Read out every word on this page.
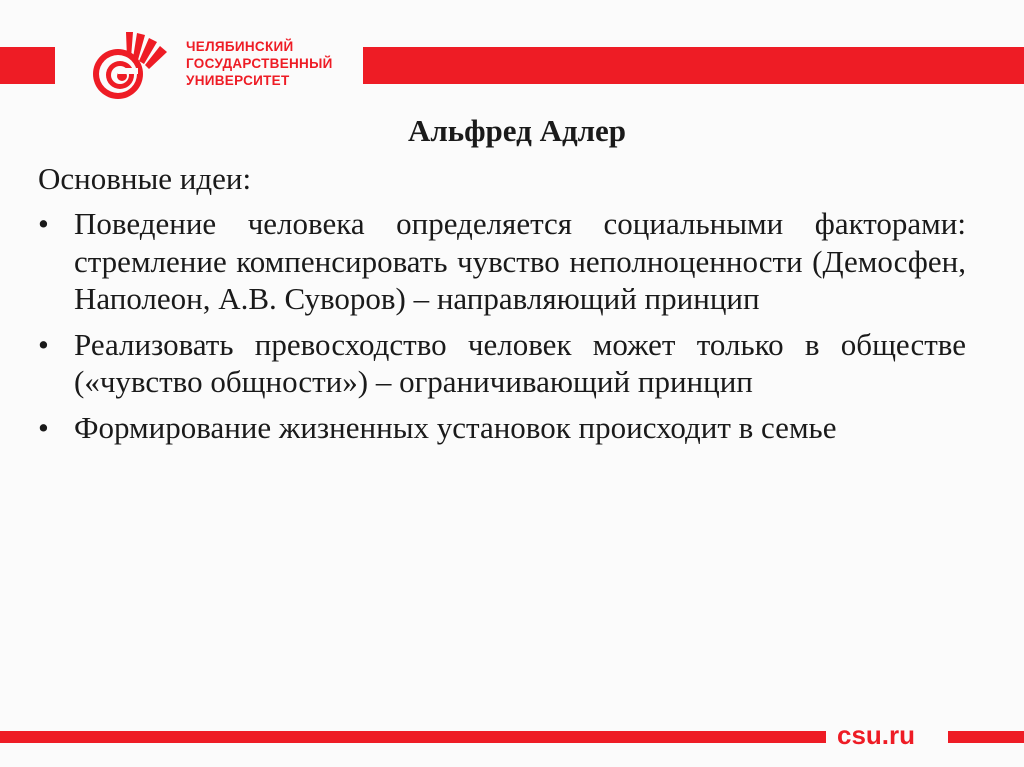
ЧЕЛЯБИНСКИЙ
ГОСУДАРСТВЕННЫЙ
УНИВЕРСИТЕТ
Альфред Адлер
Основные идеи:
• Поведение человека определяется социальными факторами: стремление компенсировать чувство неполноценности (Демосфен, Наполеон, А.В. Суворов) – направляющий принцип
• Реализовать превосходство человек может только в обществе («чувство общности») – ограничивающий принцип
• Формирование жизненных установок происходит в семье
csu.ru
